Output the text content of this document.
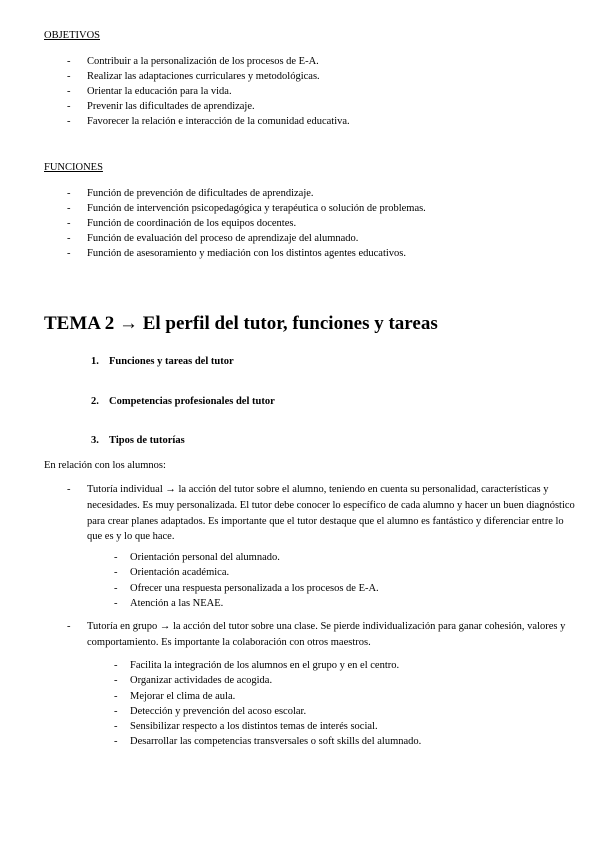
OBJETIVOS
- Contribuir a la personalización de los procesos de E-A.
- Realizar las adaptaciones curriculares y metodológicas.
- Orientar la educación para la vida.
- Prevenir las dificultades de aprendizaje.
- Favorecer la relación e interacción de la comunidad educativa.
FUNCIONES
- Función de prevención de dificultades de aprendizaje.
- Función de intervención psicopedagógica y terapéutica o solución de problemas.
- Función de coordinación de los equipos docentes.
- Función de evaluación del proceso de aprendizaje del alumnado.
- Función de asesoramiento y mediación con los distintos agentes educativos.
TEMA 2 → El perfil del tutor, funciones y tareas
1. Funciones y tareas del tutor
2. Competencias profesionales del tutor
3. Tipos de tutorías
En relación con los alumnos:
- Tutoría individual → la acción del tutor sobre el alumno, teniendo en cuenta su personalidad, características y necesidades. Es muy personalizada. El tutor debe conocer lo específico de cada alumno y hacer un buen diagnóstico para crear planes adaptados. Es importante que el tutor destaque que el alumno es fantástico y diferenciar entre lo que es y lo que hace.
- Orientación personal del alumnado.
- Orientación académica.
- Ofrecer una respuesta personalizada a los procesos de E-A.
- Atención a las NEAE.
- Tutoría en grupo → la acción del tutor sobre una clase. Se pierde individualización para ganar cohesión, valores y comportamiento. Es importante la colaboración con otros maestros.
- Facilita la integración de los alumnos en el grupo y en el centro.
- Organizar actividades de acogida.
- Mejorar el clima de aula.
- Detección y prevención del acoso escolar.
- Sensibilizar respecto a los distintos temas de interés social.
- Desarrollar las competencias transversales o soft skills del alumnado.
